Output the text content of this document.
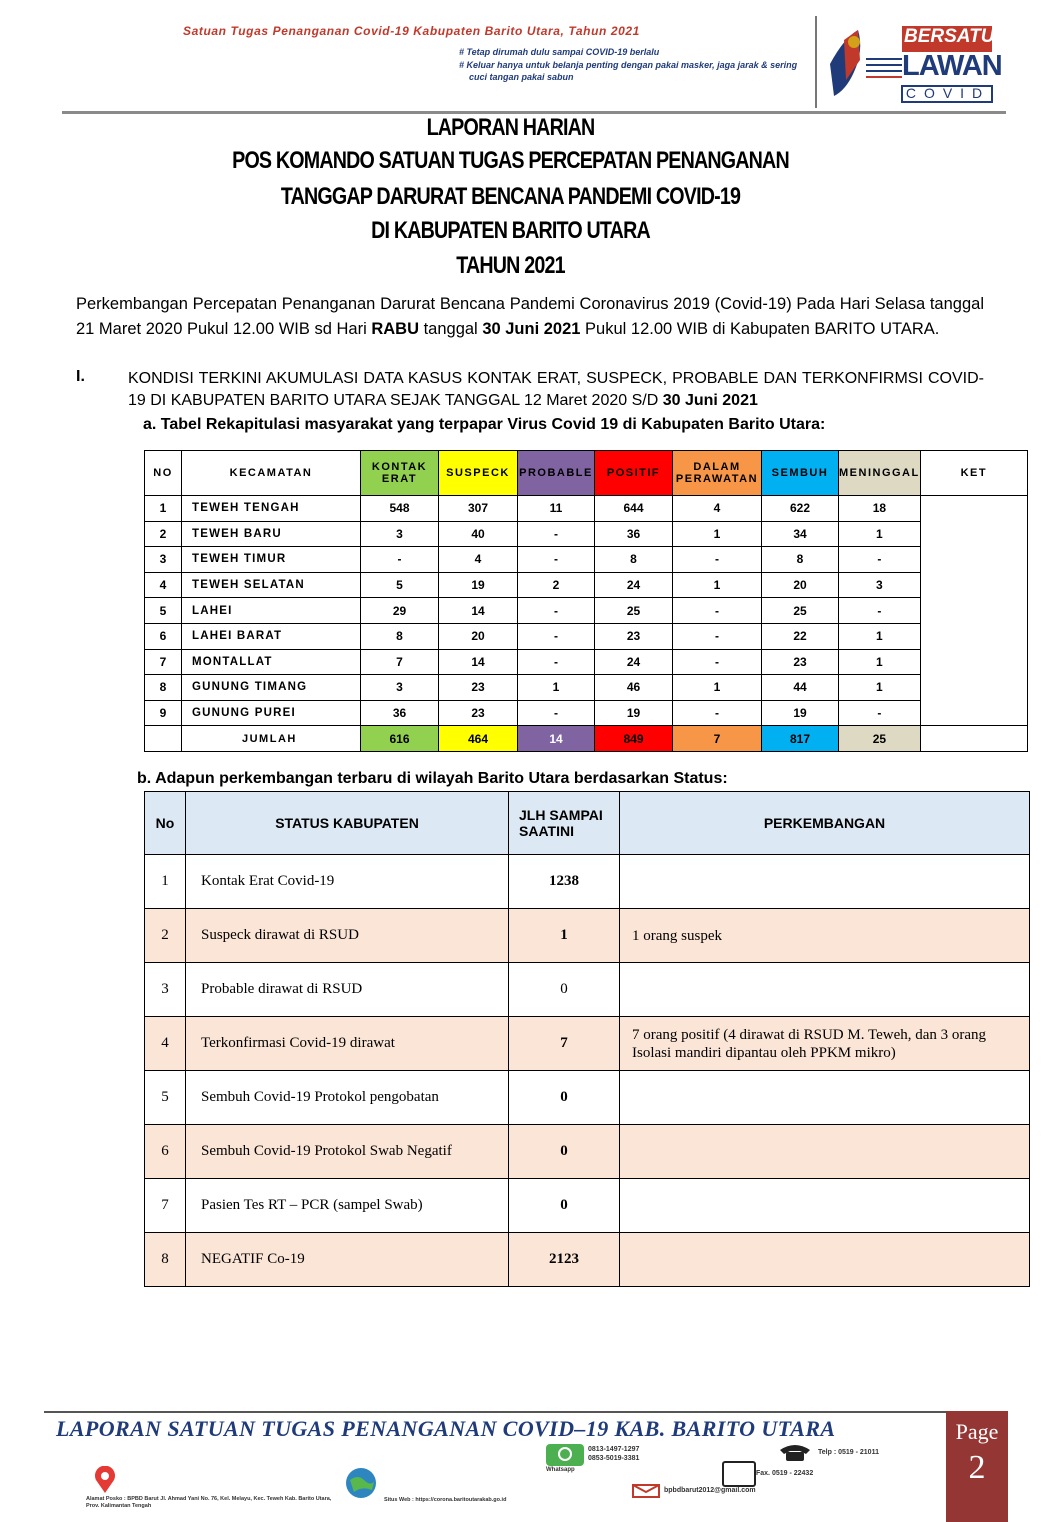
Satuan Tugas Penanganan Covid-19 Kabupaten Barito Utara, Tahun 2021
# Tetap dirumah dulu sampai COVID-19 berlalu
# Keluar hanya untuk belanja penting dengan pakai masker, jaga jarak & sering
cuci tangan pakai sabun
BERSATU
LAWAN
COVID
LAPORAN HARIAN
POS KOMANDO SATUAN TUGAS PERCEPATAN PENANGANAN
TANGGAP DARURAT BENCANA PANDEMI COVID-19
DI KABUPATEN BARITO UTARA
TAHUN 2021
Perkembangan Percepatan Penanganan Darurat Bencana Pandemi Coronavirus 2019 (Covid-19) Pada Hari Selasa tanggal 21 Maret 2020 Pukul 12.00 WIB sd Hari RABU tanggal 30 Juni 2021 Pukul 12.00 WIB di Kabupaten BARITO UTARA.
I.	KONDISI TERKINI AKUMULASI DATA KASUS KONTAK ERAT, SUSPECK, PROBABLE DAN TERKONFIRMSI COVID-19 DI KABUPATEN BARITO UTARA SEJAK TANGGAL 12 Maret 2020 S/D 30 Juni 2021
a. Tabel Rekapitulasi masyarakat yang terpapar Virus Covid 19 di Kabupaten Barito Utara:
NO	KECAMATAN	KONTAK ERAT	SUSPECK	PROBABLE	POSITIF	DALAM PERAWATAN	SEMBUH	MENINGGAL	KET
1	TEWEH TENGAH	548	307	11	644	4	622	18	
2	TEWEH BARU	3	40	-	36	1	34	1	
3	TEWEH TIMUR	-	4	-	8	-	8	-	
4	TEWEH SELATAN	5	19	2	24	1	20	3	
5	LAHEI	29	14	-	25	-	25	-	
6	LAHEI BARAT	8	20	-	23	-	22	1	
7	MONTALLAT	7	14	-	24	-	23	1	
8	GUNUNG TIMANG	3	23	1	46	1	44	1	
9	GUNUNG PUREI	36	23	-	19	-	19	-	
	JUMLAH	616	464	14	849	7	817	25	
b. Adapun perkembangan terbaru di wilayah Barito Utara berdasarkan Status:
No	STATUS KABUPATEN	JLH SAMPAI SAATINI	PERKEMBANGAN
1	Kontak Erat Covid-19	1238	
2	Suspeck dirawat di RSUD	1	1 orang suspek
3	Probable dirawat di RSUD	0	
4	Terkonfirmasi Covid-19 dirawat	7	7 orang positif (4 dirawat di RSUD M. Teweh, dan 3 orang Isolasi mandiri dipantau oleh PPKM mikro)
5	Sembuh Covid-19 Protokol pengobatan	0	
6	Sembuh Covid-19 Protokol Swab Negatif	0	
7	Pasien Tes RT – PCR (sampel Swab)	0	
8	NEGATIF Co-19	2123	
LAPORAN SATUAN TUGAS PENANGANAN COVID–19 KAB. BARITO UTARA	Page
2
Whatsapp
0813-1497-1297
0853-5019-3381
Telp : 0519 - 21011
Fax. 0519 - 22432
bpbdbarut2012@gmail.com
Alamat Posko : BPBD Barut Jl. Ahmad Yani No. 76, Kel. Melayu, Kec. Teweh Kab. Barito Utara, Prov. Kalimantan Tengah
Situs Web : https://corona.baritoutarakab.go.id
